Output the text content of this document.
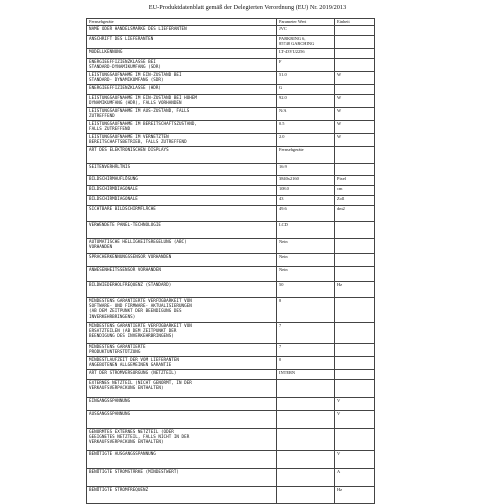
EU-Produktdatenblatt gemäß der Delegierten Verordnung (EU) Nr. 2019/2013
Fernsehgeräte	Parameter Wert	Einheit
NAME ODER HANDELSMARKE DES LIEFERANTEN	JVC	
ANSCHRIFT DES LIEFERANTEN	PARKRING 6,
85748 GARCHING	
MODELLKENNUNG	LT-43VU2256	
ENERGIEEFFIZIENZKLASSE BEI
STANDARD-DYNAMIKUMFANG (SDR)	F	
LEISTUNGSAUFNAHME IM EIN-ZUSTAND BEI
STANDARD- DYNAMIKUMFANG (SDR)	51.0	W
ENERGIEEFFIZIENZKLASSE (HDR)	G	
LEISTUNGSAUFNAHME IM EIN-ZUSTAND BEI HOHEM
DYNAMIKUMFANG (HDR), FALLS VORHANDEN	92.0	W
LEISTUNGSAUFNAHME IM AUS-ZUSTAND, FALLS
ZUTREFFEND	N/A	W
LEISTUNGSAUFNAHME IM BEREITSCHAFTSZUSTAND,
FALLS ZUTREFFEND	0.5	W
LEISTUNGSAUFNAHME IM VERNETZTEN
BEREITSCHAFTSBETRIEB, FALLS ZUTREFFEND	2.0	W
ART DES ELEKTRONISCHEN DISPLAYS	Fernsehgeräte	
SEITENVERHÄLTNIS	16:9	
BILDSCHIRMAUFLÖSUNG	3840x2160	Pixel
BILDSCHIRMDIAGONALE	108.0	cm
BILDSCHIRMDIAGONALE	43	Zoll
SICHTBARE BILDSCHIRMFLÄCHE	49.6	dm2
VERWENDETE PANEL-TECHNOLOGIE	LCD	
AUTOMATISCHE HELLIGKEITSREGELUNG (ABC)
VORHANDEN	Nein	
SPRACHERKENNUNGSSENSOR VORHANDEN	Nein	
ANWESENHEITSSENSOR VORHANDEN	Nein	
BILDWIEDERHOLFREQUENZ (STANDARD)	50	Hz
MINDESTENS GARANTIERTE VERFÜGBARKEIT VON
SOFTWARE- UND FIRMWARE- AKTUALISIERUNGEN
(AB DEM ZEITPUNKT DER BEENDIGUNG DES
INVERKEHRBRINGENS)	8	
MINDESTENS GARANTIERTE VERFÜGBARKEIT VON
ERSATZTEILEN (AB DEM ZEITPUNKT DER
BEENDIGUNG DES INVERKEHRBRINGENS)	7	
MINDESTENS GARANTIERTE
PRODUKTUNTERSTÜTZUNG	7	
MINDESTLAUFZEIT DER VOM LIEFERANTEN
ANGEBOTENEN ALLGEMEINEN GARANTIE	0	
ART DER STROMVERSORGUNG (NETZTEIL)	INTERN	
EXTERNES NETZTEIL (NICHT GENORMT, IN DER
VERKAUFSVERPACKUNG ENTHALTEN)		
EINGANGSSPANNUNG		V
AUSGANGSSPANNUNG		V
GENORMTES EXTERNES NETZTEIL (ODER
GEEIGNETES NETZTEIL, FALLS NICHT IN DER
VERKAUFSVERPACKUNG ENTHALTEN)		
BENÖTIGTE AUSGANGSSPANNUNG		V
BENÖTIGTE STROMSTÄRKE (MINDESTWERT)		A
BENÖTIGTE STROMFREQUENZ		Hz
